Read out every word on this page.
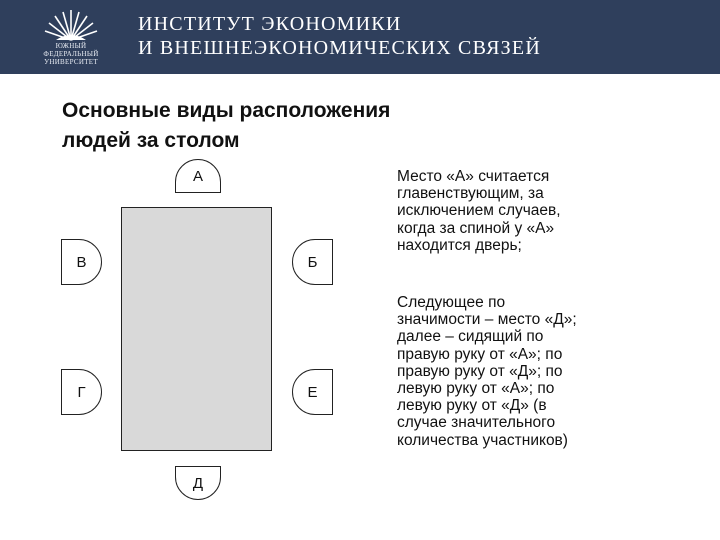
ЮЖНЫЙ
ФЕДЕРАЛЬНЫЙ
УНИВЕРСИТЕТ
ИНСТИТУТ ЭКОНОМИКИ
И ВНЕШНЕЭКОНОМИЧЕСКИХ СВЯЗЕЙ
Основные виды расположения
людей за столом
А
В	Б
Г	Е
Д
Место «А» считается
главенствующим, за
исключением случаев,
когда за спиной у «А»
находится дверь;
Следующее по
значимости – место «Д»;
далее – сидящий по
правую руку от «А»; по
правую руку от «Д»; по
левую руку от «А»; по
левую руку от «Д» (в
случае значительного
количества участников)
